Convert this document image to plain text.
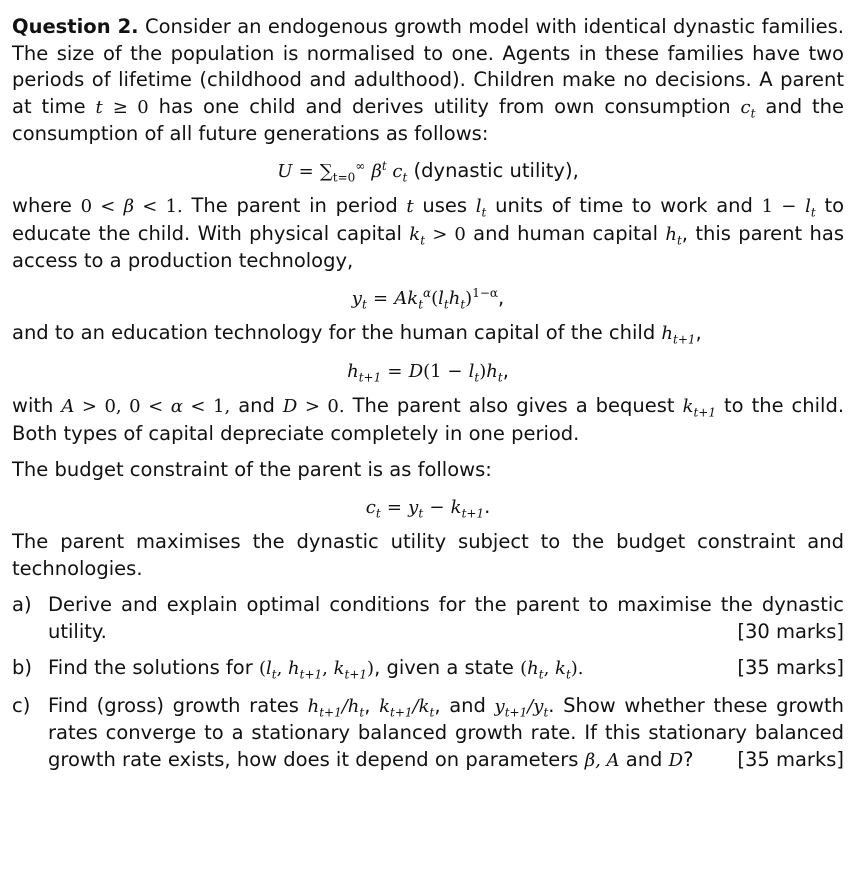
Question 2. Consider an endogenous growth model with identical dynastic families. The size of the population is normalised to one. Agents in these families have two periods of lifetime (childhood and adulthood). Children make no decisions. A parent at time t ≥ 0 has one child and derives utility from own consumption $c_t$ and the consumption of all future generations as follows:

$U = \sum_{t=0}^\infty$ $\beta^t$ $c_t$ (dynastic utility),

where 0 < β < 1. The parent in period t uses $l_t$ units of time to work and $1 - l_t$ to educate the child. With physical capital $k_t > 0$ and human capital $h_t$, this parent has access to a production technology,

$y_t = Ak_t^\alpha(l_th_t)^{1-\alpha}$,

and to an education technology for the human capital of the child $h_{t+1}$,

$h_{t+1} = D(1 - l_t)h_t$,

with A > 0, 0 < α < 1, and D > 0. The parent also gives a bequest $k_{t+1}$ to the child. Both types of capital depreciate completely in one period.

The budget constraint of the parent is as follows:

$c_t = y_t - k_{t+1}$.

The parent maximises the dynastic utility subject to the budget constraint and technologies.

a) Derive and explain optimal conditions for the parent to maximise the dynastic utility.	[30 marks]
b) Find the solutions for ($l_t$, $h_{t+1}$, $k_{t+1}$), given a state ($h_t$, $k_t$).	[35 marks]
c) Find (gross) growth rates $h_{t+1}/h_t$, $k_{t+1}/k_t$, and $y_{t+1}/y_t$. Show whether these growth rates converge to a stationary balanced growth rate. If this stationary balanced growth rate exists, how does it depend on parameters β, A and D? [35 marks]
